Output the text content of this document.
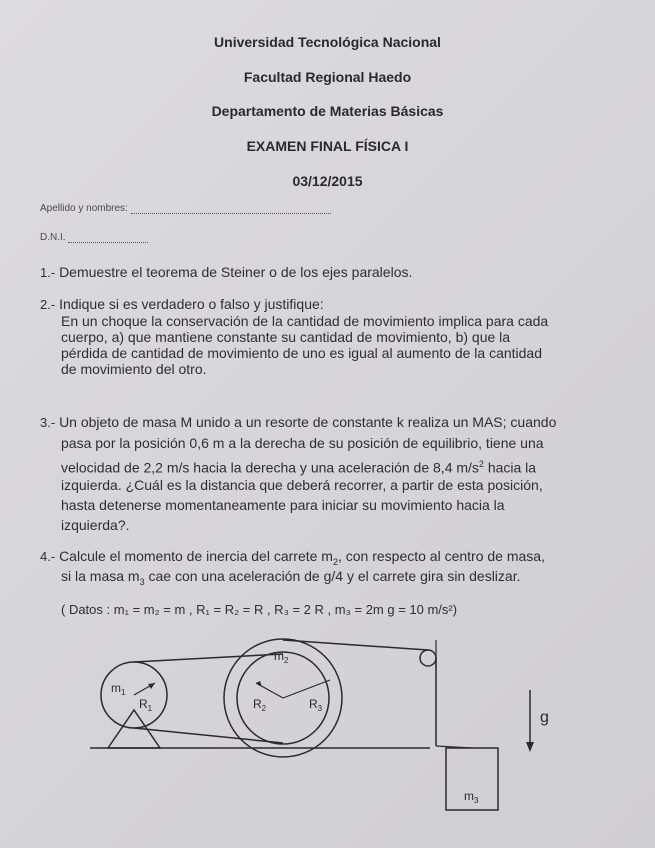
Universidad Tecnológica Nacional
Facultad Regional Haedo
Departamento de Materias Básicas
EXAMEN FINAL FÍSICA I
03/12/2015
Apellido y nombres:
D.N.I.
1.- Demuestre el teorema de Steiner o de los ejes paralelos.
2.- Indique si es verdadero o falso y justifique:
En un choque la conservación de la cantidad de movimiento implica para cada
cuerpo, a) que mantiene constante su cantidad de movimiento, b) que la
pérdida de cantidad de movimiento de uno es igual al aumento de la cantidad
de movimiento del otro.
3.- Un objeto de masa M unido a un resorte de constante k realiza un MAS; cuando
pasa por la posición 0,6 m a la derecha de su posición de equilibrio, tiene una
velocidad de 2,2 m/s hacia la derecha y una aceleración de 8,4 $m/s^2$ hacia la
izquierda. ¿Cuál es la distancia que deberá recorrer, a partir de esta posición,
hasta detenerse momentaneamente para iniciar su movimiento hacia la
izquierda?.
4.- Calcule el momento de inercia del carrete $m_2$, con respecto al centro de masa,
si la masa $m_3$ cae con una aceleración de g/4 y el carrete gira sin deslizar.
( Datos : m₁ = m₂ = m , R₁ = R₂ = R , R₃ = 2 R , m₃ = 2m g = 10 m/s²)
$m_1$
$R_1$
$m_2$
$R_2$	$R_3$
g
$m_3$
